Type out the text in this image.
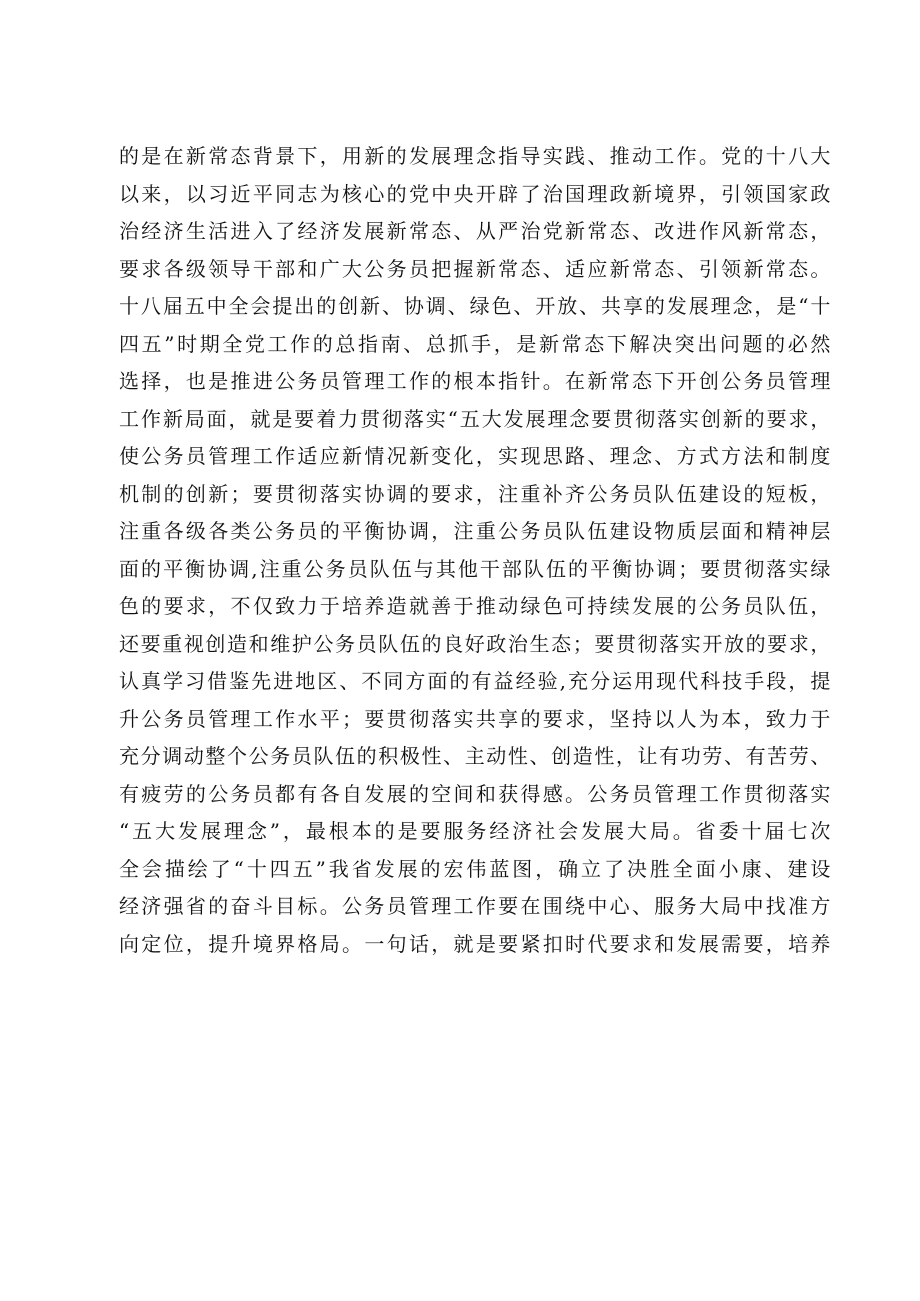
的是在新常态背景下，用新的发展理念指导实践、推动工作。党的十八大
以来，以习近平同志为核心的党中央开辟了治国理政新境界，引领国家政
治经济生活进入了经济发展新常态、从严治党新常态、改进作风新常态，
要求各级领导干部和广大公务员把握新常态、适应新常态、引领新常态。
十八届五中全会提出的创新、协调、绿色、开放、共享的发展理念，是“十
四五”时期全党工作的总指南、总抓手，是新常态下解决突出问题的必然
选择，也是推进公务员管理工作的根本指针。在新常态下开创公务员管理
工作新局面，就是要着力贯彻落实“五大发展理念要贯彻落实创新的要求，
使公务员管理工作适应新情况新变化，实现思路、理念、方式方法和制度
机制的创新；要贯彻落实协调的要求，注重补齐公务员队伍建设的短板，
注重各级各类公务员的平衡协调，注重公务员队伍建设物质层面和精神层
面的平衡协调,注重公务员队伍与其他干部队伍的平衡协调；要贯彻落实绿
色的要求，不仅致力于培养造就善于推动绿色可持续发展的公务员队伍，
还要重视创造和维护公务员队伍的良好政治生态；要贯彻落实开放的要求，
认真学习借鉴先进地区、不同方面的有益经验,充分运用现代科技手段，提
升公务员管理工作水平；要贯彻落实共享的要求，坚持以人为本，致力于
充分调动整个公务员队伍的积极性、主动性、创造性，让有功劳、有苦劳、
有疲劳的公务员都有各自发展的空间和获得感。公务员管理工作贯彻落实
“五大发展理念”，最根本的是要服务经济社会发展大局。省委十届七次
全会描绘了“十四五”我省发展的宏伟蓝图，确立了决胜全面小康、建设
经济强省的奋斗目标。公务员管理工作要在围绕中心、服务大局中找准方
向定位，提升境界格局。一句话，就是要紧扣时代要求和发展需要，培养
